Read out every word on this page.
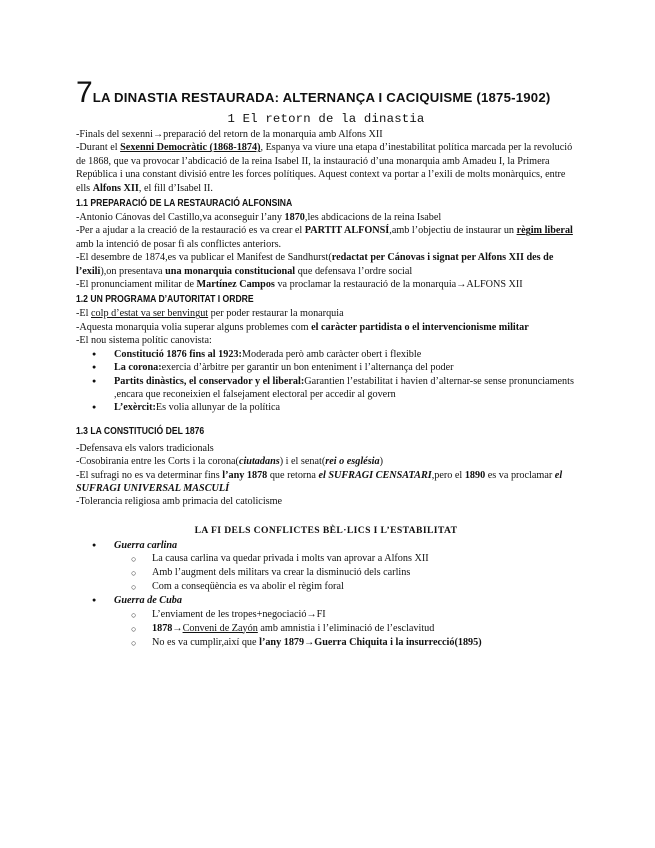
7 LA DINASTIA RESTAURADA: ALTERNANÇA I CACIQUISME (1875-1902)
1 El retorn de la dinastia

-Finals del sexenni→preparació del retorn de la monarquia amb Alfons XII

-Durant el Sexenni Democràtic (1868-1874), Espanya va viure una etapa d’inestabilitat política marcada per la revolució de 1868, que va provocar l’abdicació de la reina Isabel II, la instauració d’una monarquia amb Amadeu I, la Primera República i una constant divisió entre les forces polítiques. Aquest context va portar a l’exili de molts monàrquics, entre ells Alfons XII, el fill d’Isabel II.

1.1 PREPARACIÓ DE LA RESTAURACIÓ ALFONSINA

-Antonio Cánovas del Castillo,va aconseguir l’any 1870,les abdicacions de la reina Isabel

-Per a ajudar a la creació de la restauració es va crear el PARTIT ALFONSÍ,amb l’objectiu de instaurar un règim liberal amb la intenció de posar fi als conflictes anteriors.

-El desembre de 1874,es va publicar el Manifest de Sandhurst(redactat per Cánovas i signat per Alfons XII des de l’exili),on presentava una monarquia constitucional que defensava l’ordre social

-El pronunciament militar de Martínez Campos va proclamar la restauració de la monarquia→ALFONS XII

1.2 UN PROGRAMA D’AUTORITAT I ORDRE

-El colp d’estat va ser benvingut per poder restaurar la monarquia

-Aquesta monarquia volia superar alguns problemes com el caràcter partidista o el intervencionisme militar

-El nou sistema polític canovista:

● Constitució 1876 fins al 1923:Moderada però amb caràcter obert i flexible
● La corona:exercia d’àrbitre per garantir un bon enteniment i l’alternança del poder
● Partits dinàstics, el conservador y el liberal:Garantien l’estabilitat i havien d’alternar-se sense pronunciaments ,encara que reconeixien el falsejament electoral per accedir al govern
● L’exèrcit:Es volia allunyar de la política
1.3 LA CONSTITUCIÓ DEL 1876

-Defensava els valors tradicionals

-Cosobirania entre les Corts i la corona(ciutadans) i el senat(rei o església)

-El sufragi no es va determinar fins l’any 1878 que retorna el SUFRAGI CENSATARI,pero el 1890 es va proclamar el SUFRAGI UNIVERSAL MASCULÍ

-Tolerancia religiosa amb primacia del catolicisme

LA FI DELS CONFLICTES BÈL·LICS I L’ESTABILITAT
● Guerra carlina
○ La causa carlina va quedar privada i molts van aprovar a Alfons XII
○ Amb l’augment dels militars va crear la disminució dels carlins
○ Com a conseqüència es va abolir el règim foral
● Guerra de Cuba
○ L’enviament de les tropes+negociació→FI
○ 1878→Conveni de Zayón amb amnistia i l’eliminació de l’esclavitud
○ No es va cumplir,així que l’any 1879→Guerra Chiquita i la insurrecció(1895)
